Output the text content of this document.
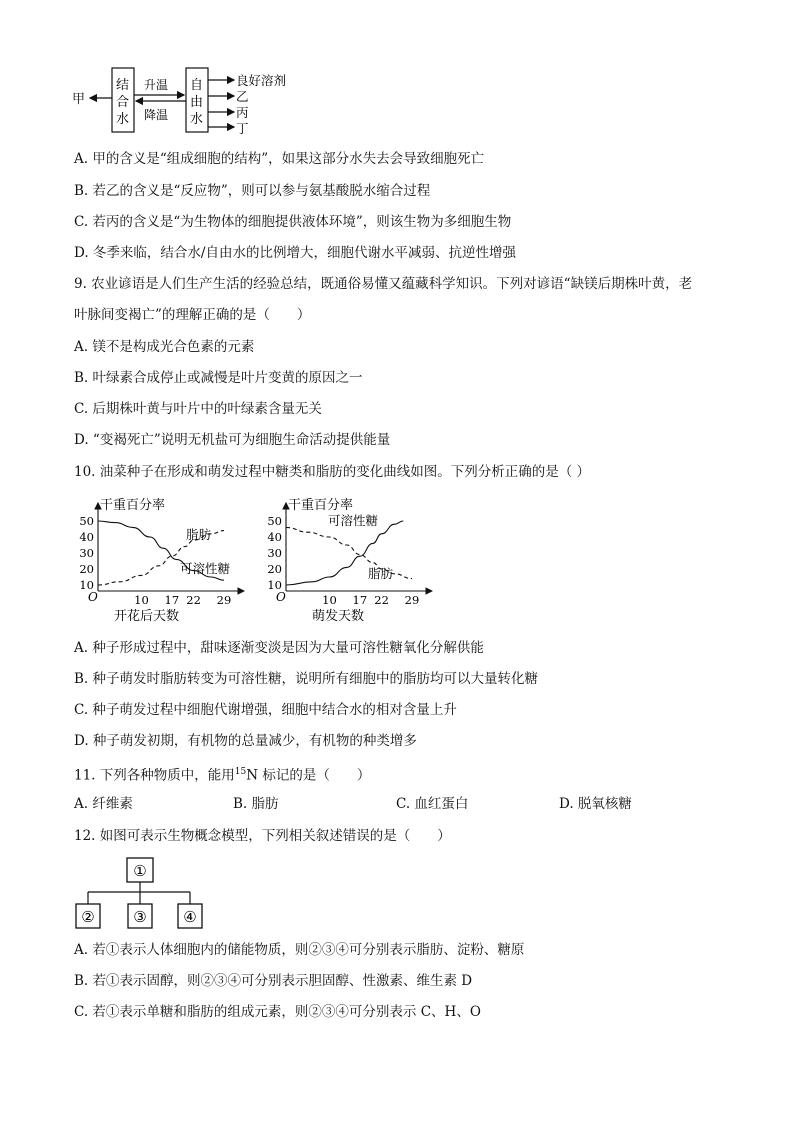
甲
结
合
水
升温
降温
自
由
水
良好溶剂
乙
丙
丁
A. 甲的含义是“组成细胞的结构”，如果这部分水失去会导致细胞死亡
B. 若乙的含义是“反应物”，则可以参与氨基酸脱水缩合过程
C. 若丙的含义是“为生物体的细胞提供液体环境”，则该生物为多细胞生物
D. 冬季来临，结合水/自由水的比例增大，细胞代谢水平减弱、抗逆性增强
9. 农业谚语是人们生产生活的经验总结，既通俗易懂又蕴藏科学知识。下列对谚语“缺镁后期株叶黄，老
叶脉间变褐亡”的理解正确的是（　　）
A. 镁不是构成光合色素的元素
B. 叶绿素合成停止或减慢是叶片变黄的原因之一
C. 后期株叶黄与叶片中的叶绿素含量无关
D. “变褐死亡”说明无机盐可为细胞生命活动提供能量
10. 油菜种子在形成和萌发过程中糖类和脂肪的变化曲线如图。下列分析正确的是（ ）
干重百分率
O
开花后天数
10
20
30
40
50
10 17 22 29
脂肪
可溶性糖
干重百分率
O
萌发天数
10
20
30
40
50
10 17 22 29
可溶性糖
脂肪
A. 种子形成过程中，甜味逐渐变淡是因为大量可溶性糖氧化分解供能
B. 种子萌发时脂肪转变为可溶性糖，说明所有细胞中的脂肪均可以大量转化糖
C. 种子萌发过程中细胞代谢增强，细胞中结合水的相对含量上升
D. 种子萌发初期，有机物的总量减少，有机物的种类增多
11. 下列各种物质中，能用$^{15}$N 标记的是（　　）
A. 纤维素	B. 脂肪	C. 血红蛋白	D. 脱氧核糖
12. 如图可表示生物概念模型，下列相关叙述错误的是（　　）
①
②	③ ④
A. 若①表示人体细胞内的储能物质，则②③④可分别表示脂肪、淀粉、糖原
B. 若①表示固醇，则②③④可分别表示胆固醇、性激素、维生素 D
C. 若①表示单糖和脂肪的组成元素，则②③④可分别表示 C、H、O
